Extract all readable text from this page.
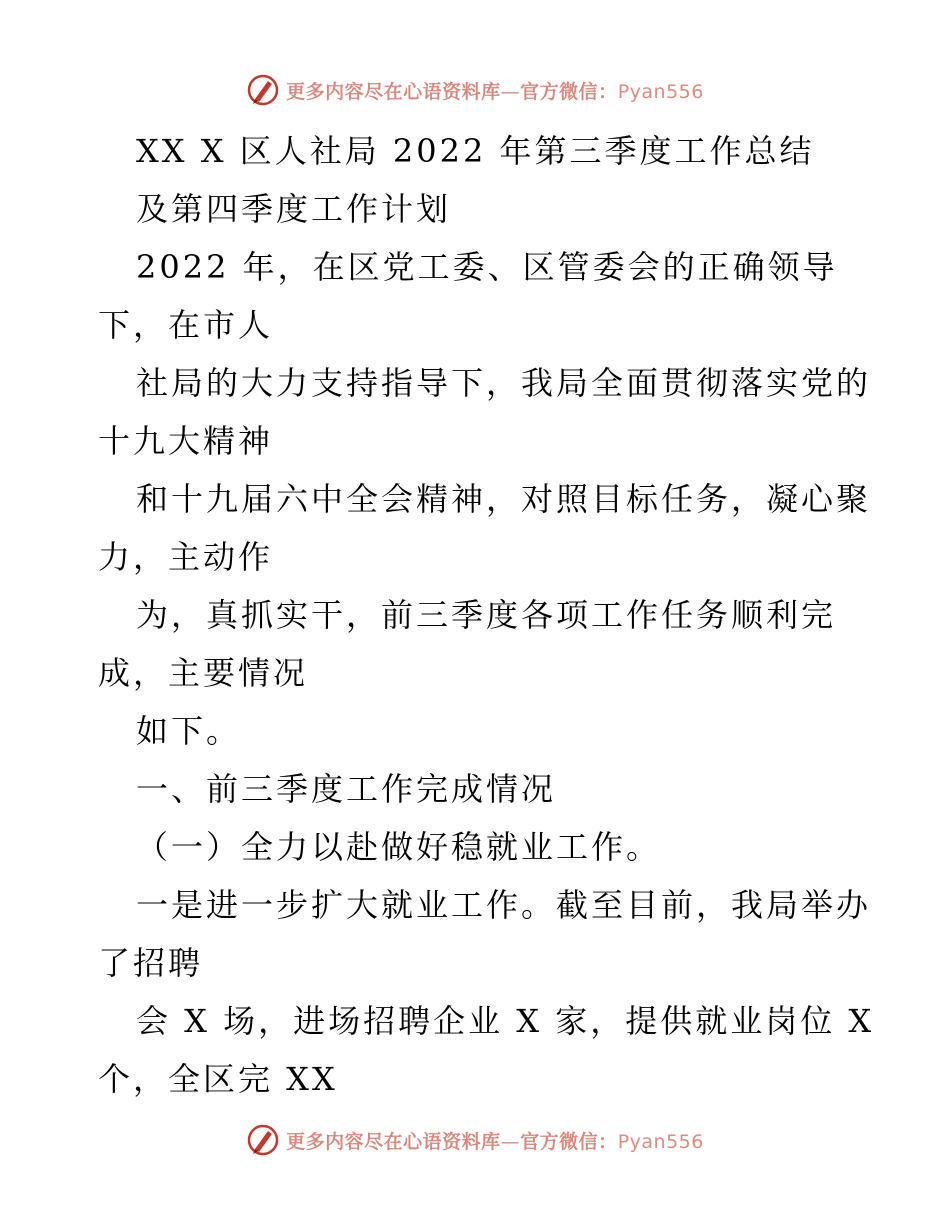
更多内容尽在心语资料库—官方微信：Pyan556
XX X 区人社局 2022 年第三季度工作总结
及第四季度工作计划
2022 年，在区党工委、区管委会的正确领导
下，在市人
社局的大力支持指导下，我局全面贯彻落实党的
十九大精神
和十九届六中全会精神，对照目标任务，凝心聚
力，主动作
为，真抓实干，前三季度各项工作任务顺利完
成，主要情况
如下。
一、前三季度工作完成情况
（一）全力以赴做好稳就业工作。
一是进一步扩大就业工作。截至目前，我局举办
了招聘
会 X 场，进场招聘企业 X 家，提供就业岗位 X
个，全区完 XX
更多内容尽在心语资料库—官方微信：Pyan556
